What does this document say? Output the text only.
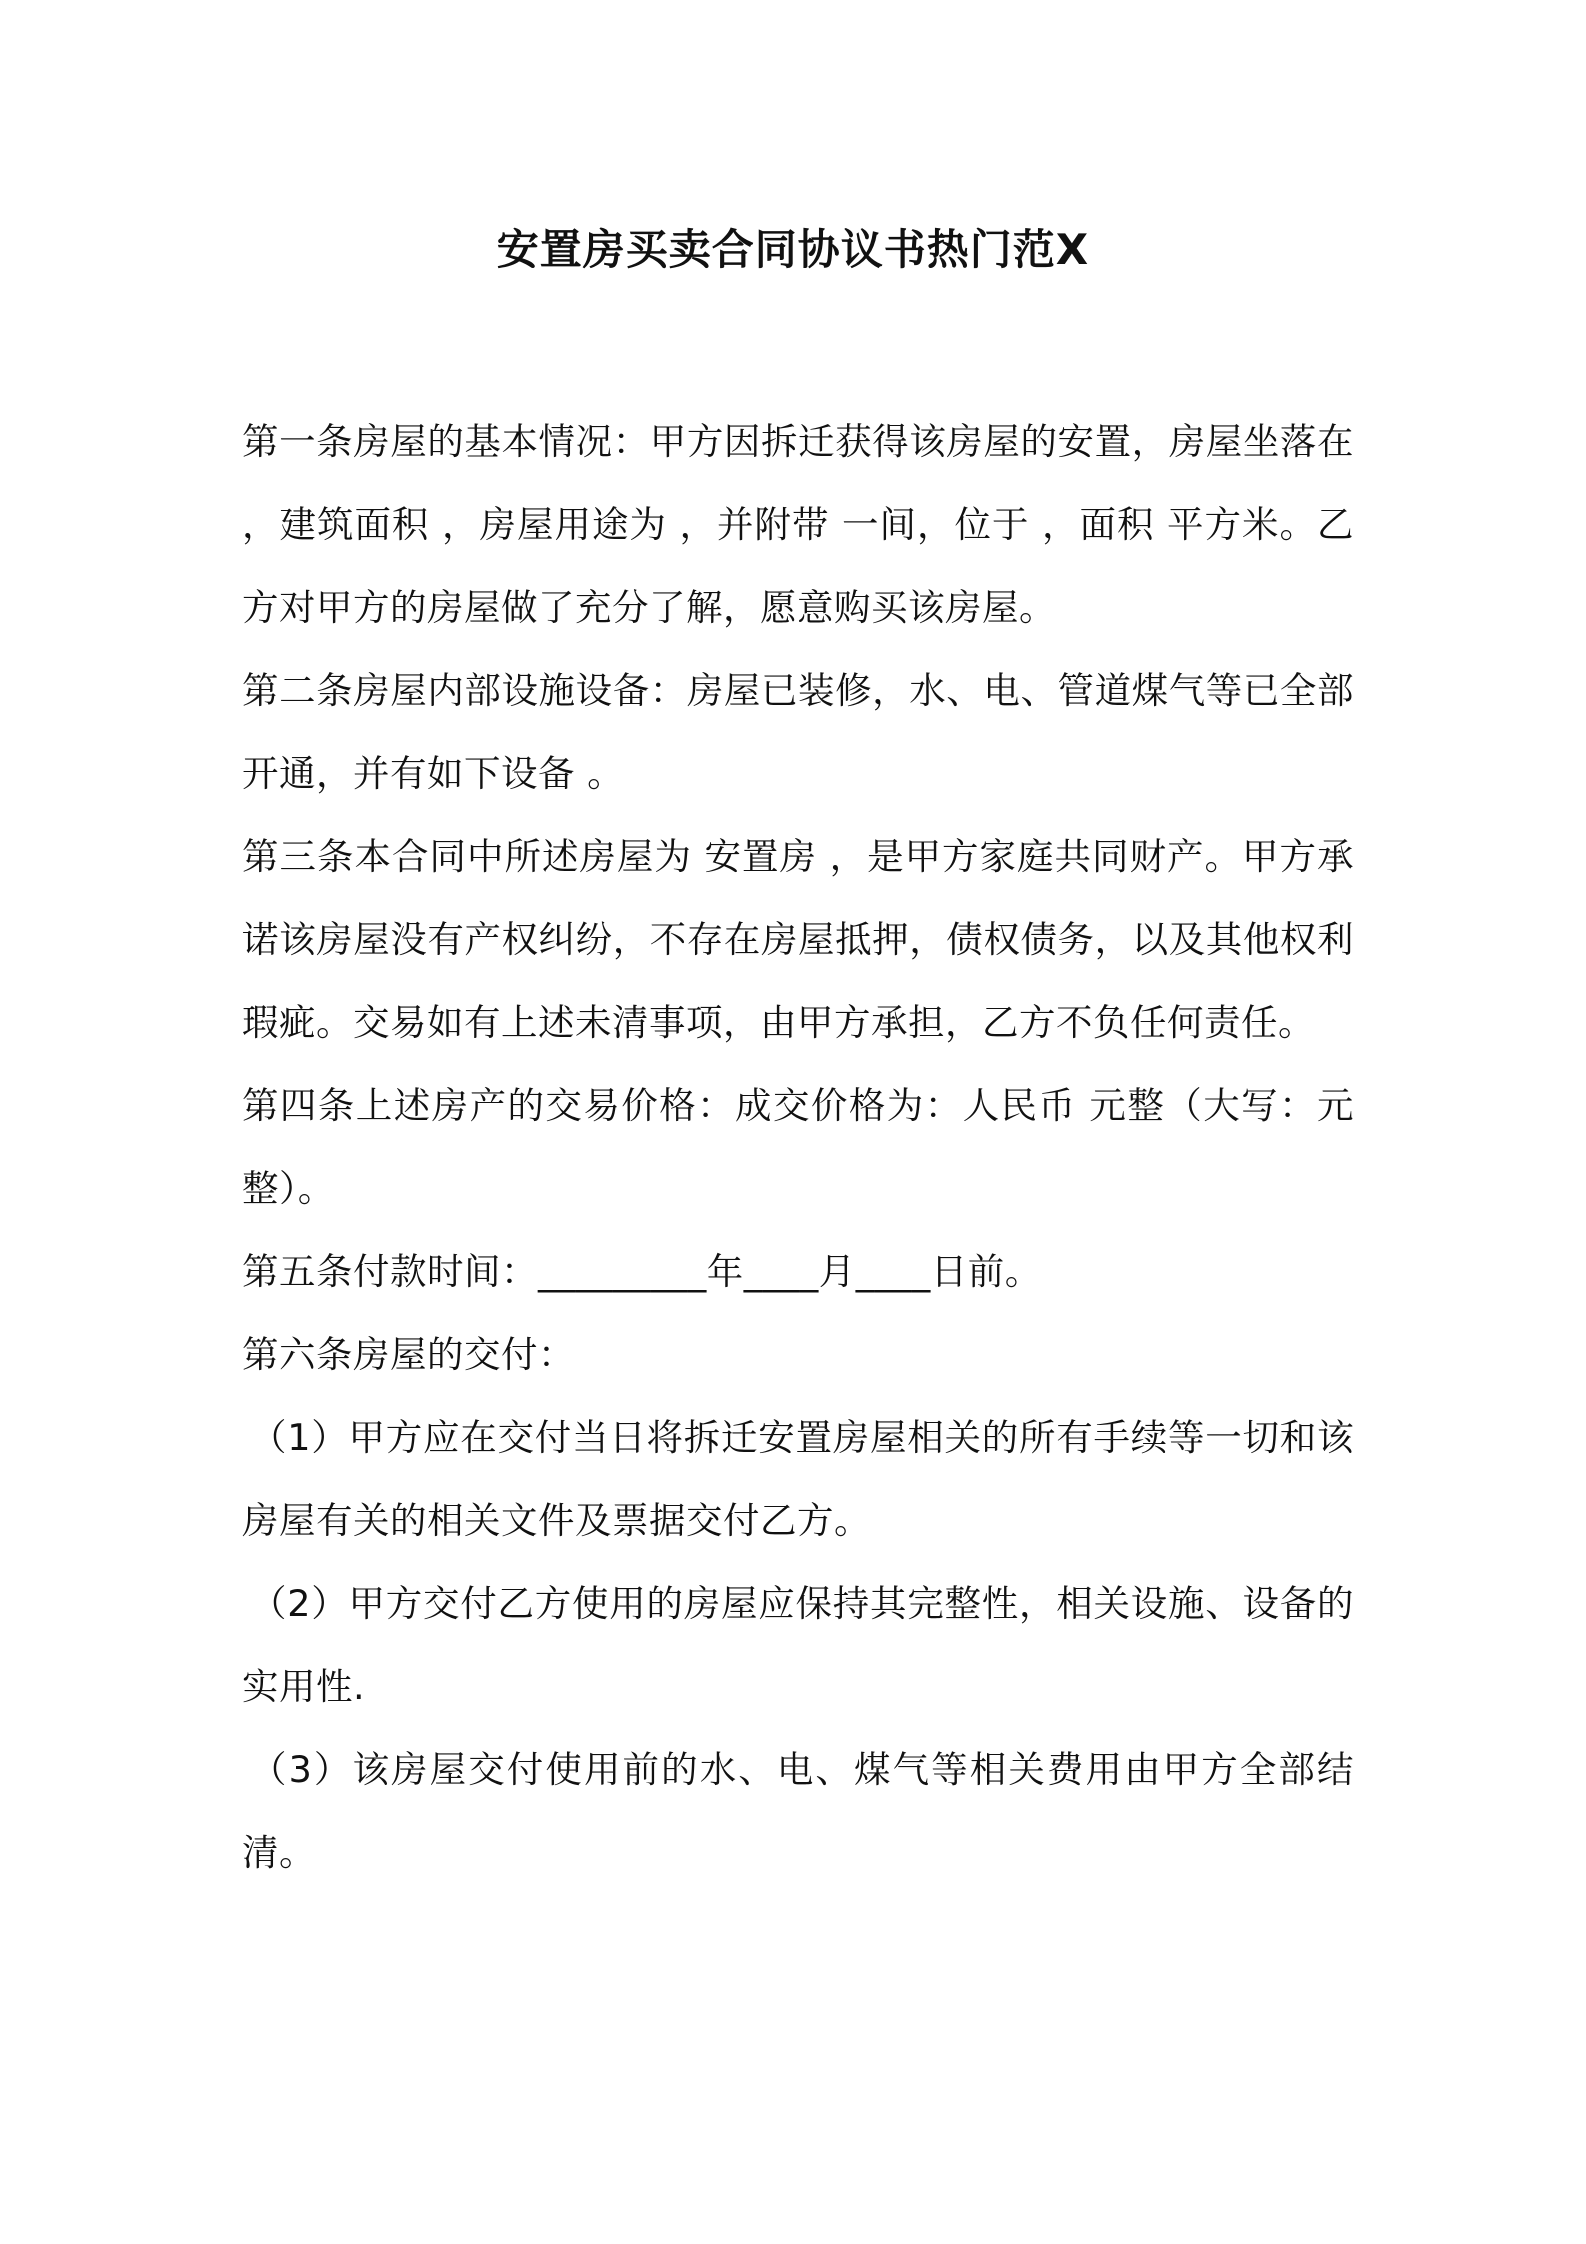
安置房买卖合同协议书热门范X

第一条房屋的基本情况：甲方因拆迁获得该房屋的安置，房屋坐落在 ，建筑面积 ，房屋用途为 ，并附带 一间，位于 ，面积 平方米。乙方对甲方的房屋做了充分了解，愿意购买该房屋。

第二条房屋内部设施设备：房屋已装修，水、电、管道煤气等已全部开通，并有如下设备 。

第三条本合同中所述房屋为 安置房 ，是甲方家庭共同财产。甲方承诺该房屋没有产权纠纷，不存在房屋抵押，债权债务，以及其他权利瑕疵。交易如有上述未清事项，由甲方承担，乙方不负任何责任。

第四条上述房产的交易价格：成交价格为：人民币 元整（大写：元整）。

第五条付款时间：_________年____月____日前。

第六条房屋的交付：

（1）甲方应在交付当日将拆迁安置房屋相关的所有手续等一切和该房屋有关的相关文件及票据交付乙方。

（2）甲方交付乙方使用的房屋应保持其完整性，相关设施、设备的实用性.

（3）该房屋交付使用前的水、电、煤气等相关费用由甲方全部结清。
